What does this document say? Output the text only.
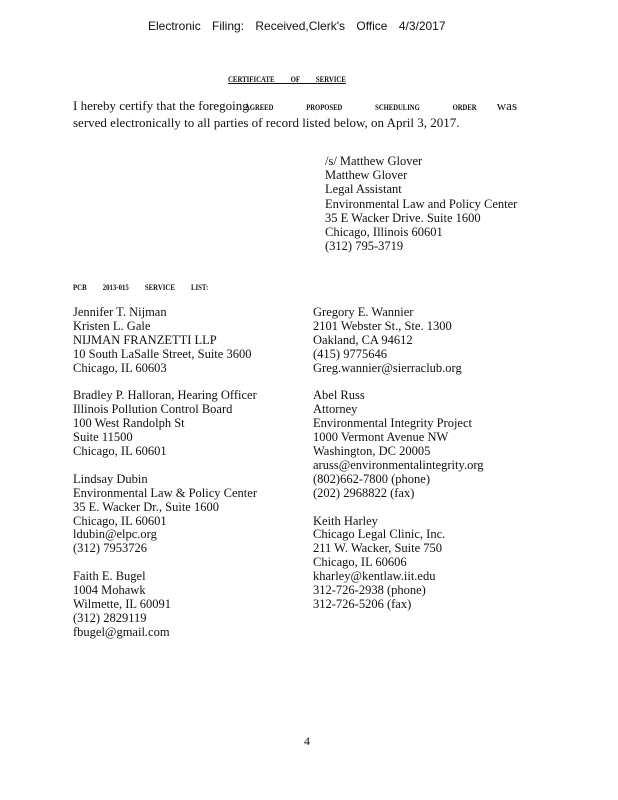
Electronic Filing: Received,Clerk's Office 4/3/2017
CERTIFICATE OF SERVICE
I hereby certify that the foregoingAGREED PROPOSED SCHEDULING ORDER was
served electronically to all parties of record listed below, on April 3, 2017.
/s/ Matthew Glover
Matthew Glover
Legal Assistant
Environmental Law and Policy Center
35 E Wacker Drive. Suite 1600
Chicago, Illinois 60601
(312) 795-3719
PCB 2013-015 SERVICE LIST:
Jennifer T. Nijman
Kristen L. Gale
NIJMAN FRANZETTI LLP
10 South LaSalle Street, Suite 3600
Chicago, IL 60603
Bradley P. Halloran, Hearing Officer
Illinois Pollution Control Board
100 West Randolph St
Suite 11500
Chicago, IL 60601
Lindsay Dubin
Environmental Law & Policy Center
35 E. Wacker Dr., Suite 1600
Chicago, IL 60601
ldubin@elpc.org
(312) 7953726
Faith E. Bugel
1004 Mohawk
Wilmette, IL 60091
(312) 2829119
fbugel@gmail.com
Gregory E. Wannier
2101 Webster St., Ste. 1300
Oakland, CA 94612
(415) 9775646
Greg.wannier@sierraclub.org
Abel Russ
Attorney
Environmental Integrity Project
1000 Vermont Avenue NW
Washington, DC 20005
aruss@environmentalintegrity.org
(802)662-7800 (phone)
(202) 2968822 (fax)
Keith Harley
Chicago Legal Clinic, Inc.
211 W. Wacker, Suite 750
Chicago, IL 60606
kharley@kentlaw.iit.edu
312-726-2938 (phone)
312-726-5206 (fax)
4
